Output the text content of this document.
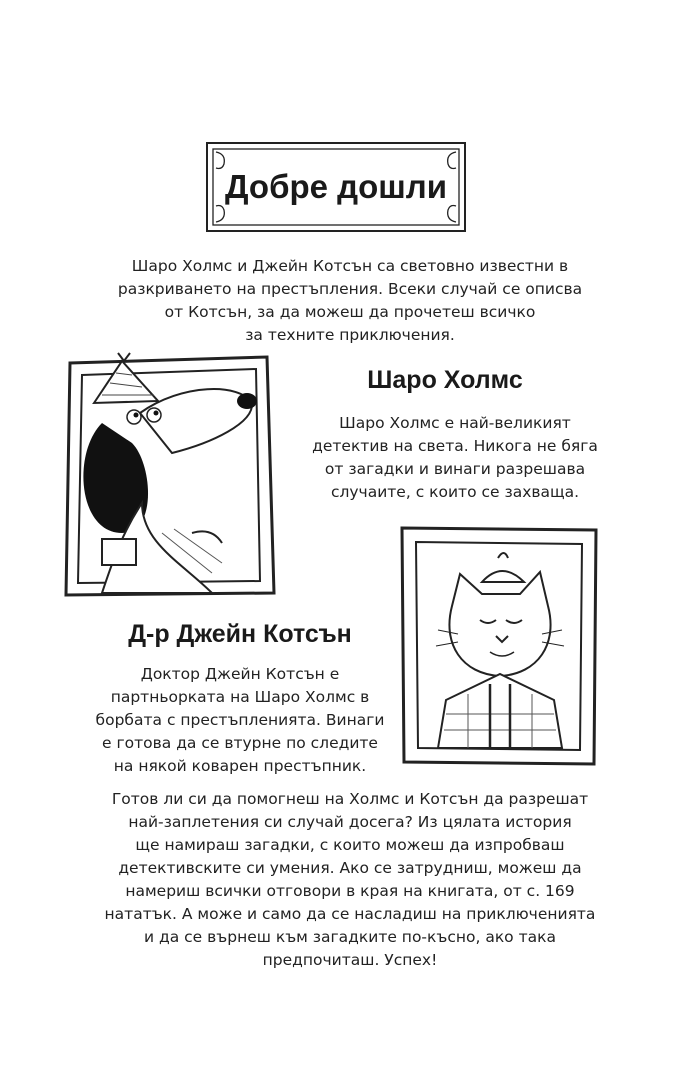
Добре дошли
Шаро Холмс и Джейн Котсън са световно известни в
разкриването на престъпления. Всеки случай се описва
от Котсън, за да можеш да прочетеш всичко
за техните приключения.
Шаро Холмс
Шаро Холмс е най-великият
детектив на света. Никога не бяга
от загадки и винаги разрешава
случаите, с които се захваща.
Д-р Джейн Котсън
Доктор Джейн Котсън е
партньорката на Шаро Холмс в
борбата с престъпленията. Винаги
е готова да се втурне по следите
на някой коварен престъпник.
Готов ли си да помогнеш на Холмс и Котсън да разрешат
най-заплетения си случай досега? Из цялата история
ще намираш загадки, с които можеш да изпробваш
детективските си умения. Ако се затрудниш, можеш да
намериш всички отговори в края на книгата, от с. 169
нататък. А може и само да се насладиш на приключенията
и да се върнеш към загадките по-късно, ако така
предпочиташ. Успех!
